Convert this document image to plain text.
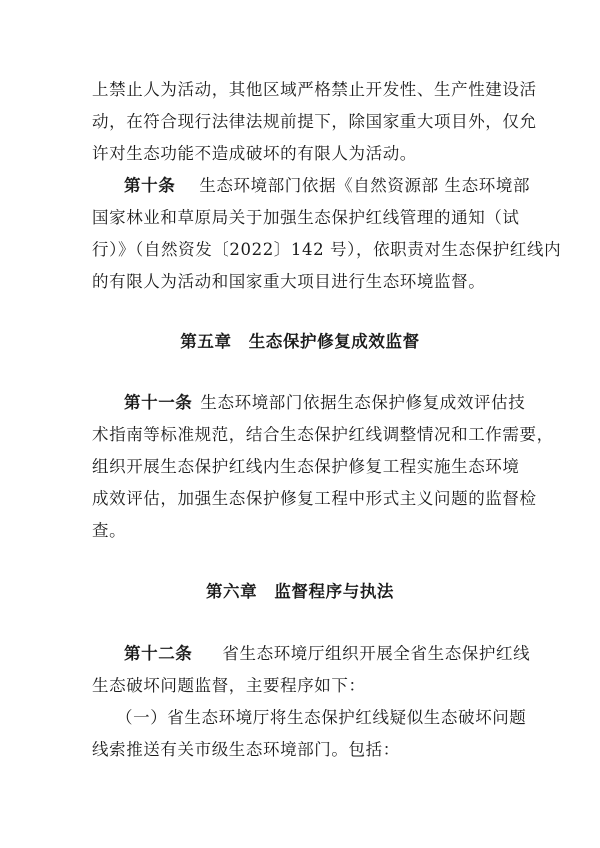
上禁止人为活动，其他区域严格禁止开发性、生产性建设活
动，在符合现行法律法规前提下，除国家重大项目外，仅允
许对生态功能不造成破坏的有限人为活动。
第十条 生态环境部门依据《自然资源部 生态环境部
国家林业和草原局关于加强生态保护红线管理的通知（试
行）》（自然资发〔2022〕142 号），依职责对生态保护红线内
的有限人为活动和国家重大项目进行生态环境监督。
第五章　生态保护修复成效监督
第十一条 生态环境部门依据生态保护修复成效评估技
术指南等标准规范，结合生态保护红线调整情况和工作需要，
组织开展生态保护红线内生态保护修复工程实施生态环境
成效评估，加强生态保护修复工程中形式主义问题的监督检
查。
第六章　监督程序与执法
第十二条 省生态环境厅组织开展全省生态保护红线
生态破坏问题监督，主要程序如下：
（一）省生态环境厅将生态保护红线疑似生态破坏问题
线索推送有关市级生态环境部门。包括：
